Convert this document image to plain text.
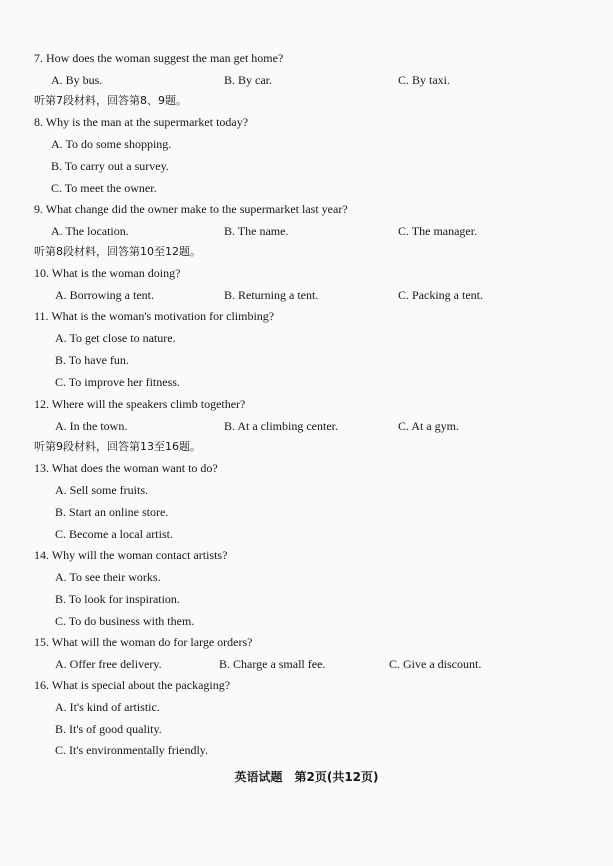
7. How does the woman suggest the man get home?
A. By bus.	B. By car.	C. By taxi.
听第7段材料，回答第8、9题。
8. Why is the man at the supermarket today?
A. To do some shopping.
B. To carry out a survey.
C. To meet the owner.
9. What change did the owner make to the supermarket last year?
A. The location.	B. The name.	C. The manager.
听第8段材料，回答第10至12题。
10. What is the woman doing?
A. Borrowing a tent.	B. Returning a tent.	C. Packing a tent.
11. What is the woman's motivation for climbing?
A. To get close to nature.
B. To have fun.
C. To improve her fitness.
12. Where will the speakers climb together?
A. In the town.	B. At a climbing center.	C. At a gym.
听第9段材料，回答第13至16题。
13. What does the woman want to do?
A. Sell some fruits.
B. Start an online store.
C. Become a local artist.
14. Why will the woman contact artists?
A. To see their works.
B. To look for inspiration.
C. To do business with them.
15. What will the woman do for large orders?
A. Offer free delivery.	B. Charge a small fee.	C. Give a discount.
16. What is special about the packaging?
A. It's kind of artistic.
B. It's of good quality.
C. It's environmentally friendly.
英语试题　第2页(共12页)
